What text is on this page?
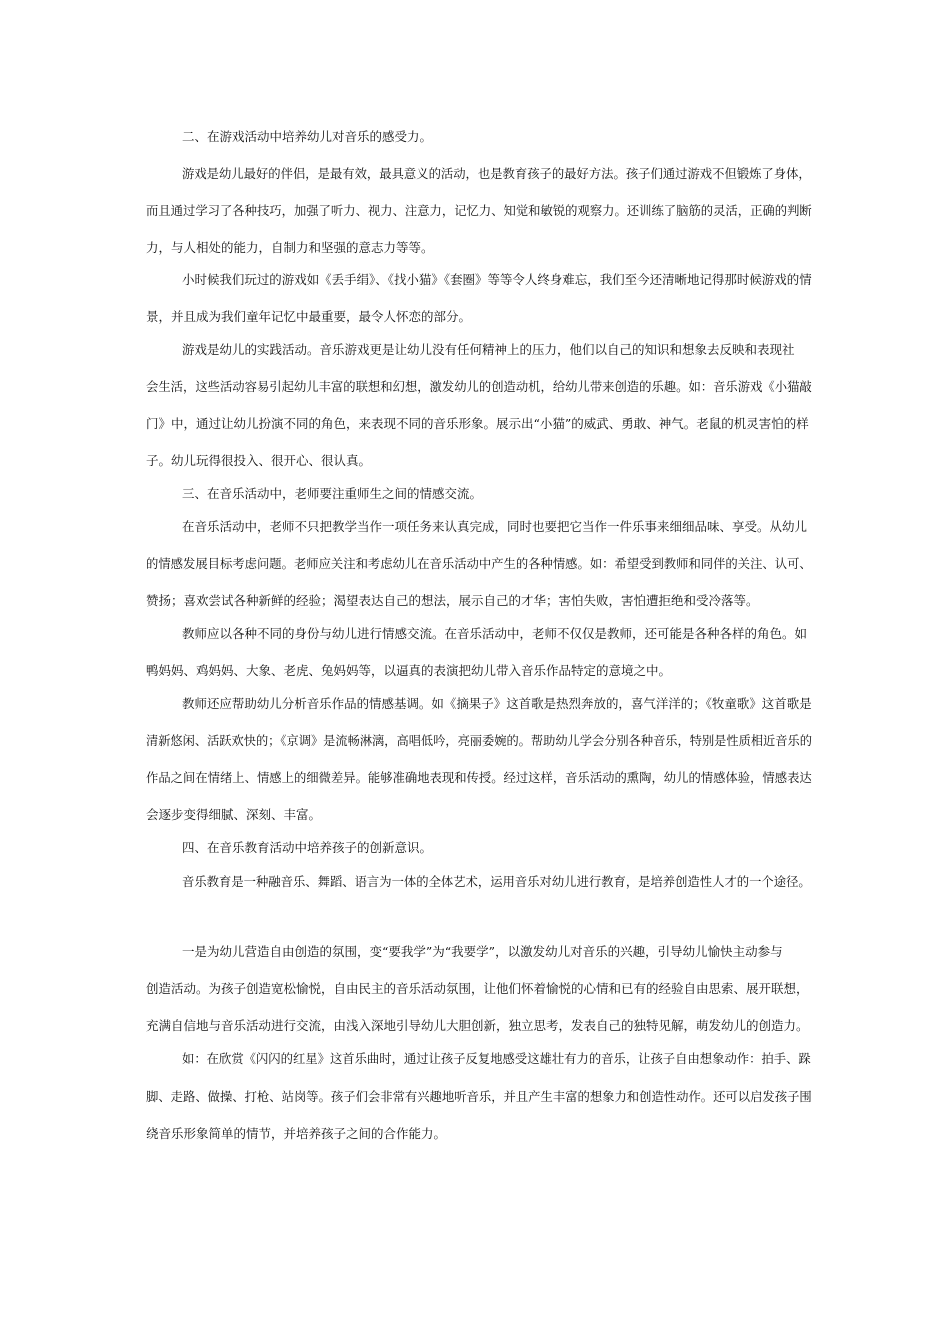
二、在游戏活动中培养幼儿对音乐的感受力。
游戏是幼儿最好的伴侣，是最有效，最具意义的活动，也是教育孩子的最好方法。孩子们通过游戏不但锻炼了身体，
而且通过学习了各种技巧，加强了听力、视力、注意力，记忆力、知觉和敏锐的观察力。还训练了脑筋的灵活，正确的判断
力，与人相处的能力，自制力和坚强的意志力等等。
小时候我们玩过的游戏如《丢手绢》、《找小猫》《套圈》等等令人终身难忘，我们至今还清晰地记得那时候游戏的情
景，并且成为我们童年记忆中最重要，最令人怀恋的部分。
游戏是幼儿的实践活动。音乐游戏更是让幼儿没有任何精神上的压力，他们以自己的知识和想象去反映和表现社
会生活，这些活动容易引起幼儿丰富的联想和幻想，激发幼儿的创造动机，给幼儿带来创造的乐趣。如：音乐游戏《小猫敲
门》中，通过让幼儿扮演不同的角色，来表现不同的音乐形象。展示出“小猫”的威武、勇敢、神气。老鼠的机灵害怕的样
子。幼儿玩得很投入、很开心、很认真。
三、在音乐活动中，老师要注重师生之间的情感交流。
在音乐活动中，老师不只把教学当作一项任务来认真完成，同时也要把它当作一件乐事来细细品味、享受。从幼儿
的情感发展目标考虑问题。老师应关注和考虑幼儿在音乐活动中产生的各种情感。如：希望受到教师和同伴的关注、认可、
赞扬；喜欢尝试各种新鲜的经验；渴望表达自己的想法，展示自己的才华；害怕失败，害怕遭拒绝和受冷落等。
教师应以各种不同的身份与幼儿进行情感交流。在音乐活动中，老师不仅仅是教师，还可能是各种各样的角色。如
鸭妈妈、鸡妈妈、大象、老虎、兔妈妈等，以逼真的表演把幼儿带入音乐作品特定的意境之中。
教师还应帮助幼儿分析音乐作品的情感基调。如《摘果子》这首歌是热烈奔放的，喜气洋洋的；《牧童歌》这首歌是
清新悠闲、活跃欢快的；《京调》是流畅淋漓，高唱低吟，亮丽委婉的。帮助幼儿学会分别各种音乐，特别是性质相近音乐的
作品之间在情绪上、情感上的细微差异。能够准确地表现和传授。经过这样，音乐活动的熏陶，幼儿的情感体验，情感表达
会逐步变得细腻、深刻、丰富。
四、在音乐教育活动中培养孩子的创新意识。
音乐教育是一种融音乐、舞蹈、语言为一体的全体艺术，运用音乐对幼儿进行教育，是培养创造性人才的一个途径。
一是为幼儿营造自由创造的氛围，变“要我学”为“我要学”，以激发幼儿对音乐的兴趣，引导幼儿愉快主动参与
创造活动。为孩子创造宽松愉悦，自由民主的音乐活动氛围，让他们怀着愉悦的心情和已有的经验自由思索、展开联想，
充满自信地与音乐活动进行交流，由浅入深地引导幼儿大胆创新，独立思考，发表自己的独特见解，萌发幼儿的创造力。
如：在欣赏《闪闪的红星》这首乐曲时，通过让孩子反复地感受这雄壮有力的音乐，让孩子自由想象动作：拍手、跺
脚、走路、做操、打枪、站岗等。孩子们会非常有兴趣地听音乐，并且产生丰富的想象力和创造性动作。还可以启发孩子围
绕音乐形象简单的情节，并培养孩子之间的合作能力。
